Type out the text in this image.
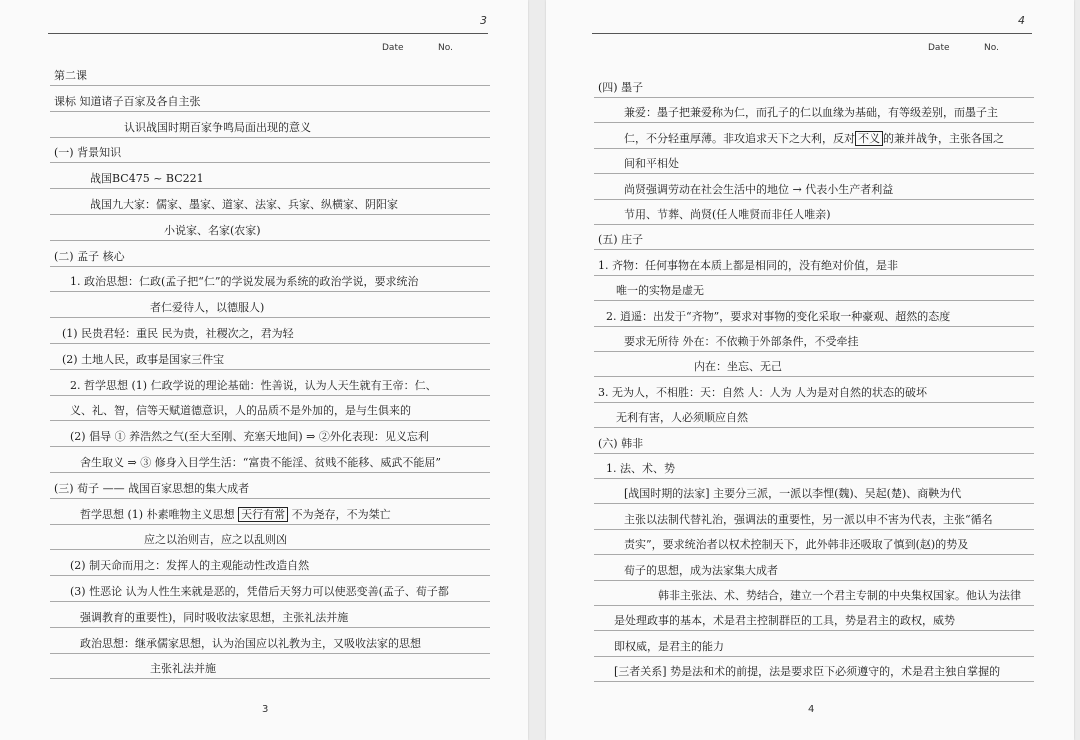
3
Date	No.
第二课
课标 知道诸子百家及各自主张
认识战国时期百家争鸣局面出现的意义
(一) 背景知识
战国BC475 ~ BC221
战国九大家：儒家、墨家、道家、法家、兵家、纵横家、阴阳家
小说家、名家(农家)
(二) 孟子 核心
1. 政治思想：仁政(孟子把“仁”的学说发展为系统的政治学说，要求统治
者仁爱待人，以德服人)
(1) 民贵君轻：重民 民为贵，社稷次之，君为轻
(2) 土地人民，政事是国家三件宝
2. 哲学思想 (1) 仁政学说的理论基础：性善说，认为人天生就有王帝：仁、
义、礼、智，信等天赋道德意识，人的品质不是外加的，是与生俱来的
(2) 倡导 ① 养浩然之气(至大至刚、充塞天地间) ⇒ ②外化表现：见义忘利
舍生取义 ⇒ ③ 修身入目学生活：“富贵不能淫、贫贱不能移、威武不能屈”
(三) 荀子 —— 战国百家思想的集大成者
哲学思想 (1) 朴素唯物主义思想 天行有常 不为尧存，不为桀亡
应之以治则吉，应之以乱则凶
(2) 制天命而用之：发挥人的主观能动性改造自然
(3) 性恶论 认为人性生来就是恶的，凭借后天努力可以使恶变善(孟子、荀子都
强调教育的重要性)，同时吸收法家思想，主张礼法并施
政治思想：继承儒家思想，认为治国应以礼教为主，又吸收法家的思想
主张礼法并施
3
4
Date	No.
(四) 墨子
兼爱：墨子把兼爱称为仁，而孔子的仁以血缘为基础，有等级差别，而墨子主
仁，不分轻重厚薄。非攻追求天下之大利，反对 不义 的兼并战争，主张各国之
间和平相处
尚贤强调劳动在社会生活中的地位 → 代表小生产者利益
节用、节葬、尚贤(任人唯贤而非任人唯亲)
(五) 庄子
1. 齐物：任何事物在本质上都是相同的，没有绝对价值，是非
唯一的实物是虚无
2. 逍遥：出发于“齐物”，要求对事物的变化采取一种豪观、超然的态度
要求无所待 外在：不依赖于外部条件，不受牵挂
内在：坐忘、无己
3. 无为人，不相胜：天：自然 人：人为 人为是对自然的状态的破坏
无利有害，人必须顺应自然
(六) 韩非
1. 法、术、势
[战国时期的法家] 主要分三派，一派以李悝(魏)、吴起(楚)、商鞅为代
主张以法制代替礼治，强调法的重要性，另一派以申不害为代表，主张“循名
责实”，要求统治者以权术控制天下，此外韩非还吸取了慎到(赵)的势及
荀子的思想，成为法家集大成者
韩非主张法、术、势结合，建立一个君主专制的中央集权国家。他认为法律
是处理政事的基本，术是君主控制群臣的工具，势是君主的政权，威势
即权威，是君主的能力
[三者关系] 势是法和术的前提，法是要求臣下必须遵守的，术是君主独自掌握的
4
